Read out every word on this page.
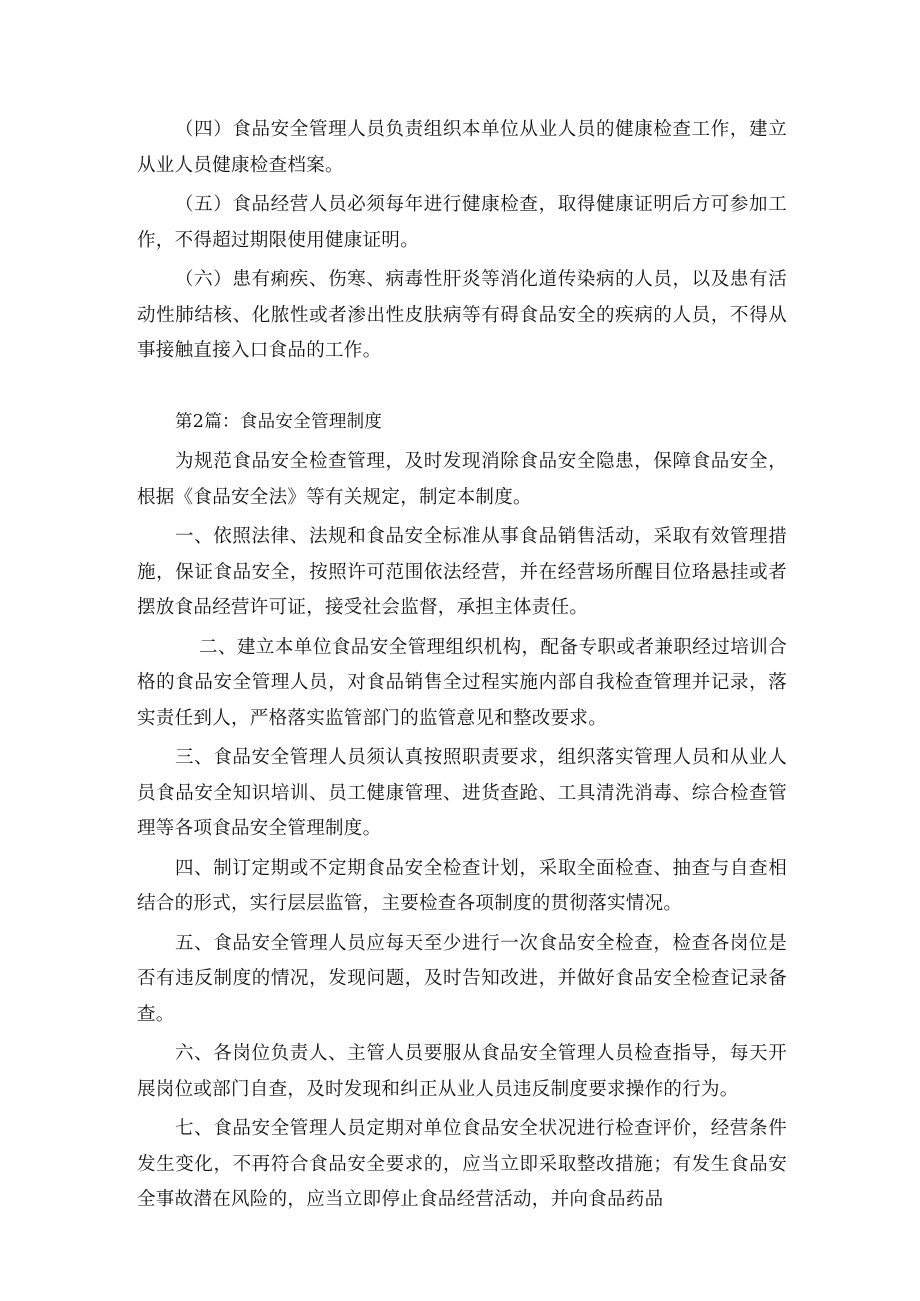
（四）食品安全管理人员负责组织本单位从业人员的健康检查工作，建立从业人员健康检查档案。

（五）食品经营人员必须每年进行健康检查，取得健康证明后方可参加工作，不得超过期限使用健康证明。

（六）患有痢疾、伤寒、病毒性肝炎等消化道传染病的人员，以及患有活动性肺结核、化脓性或者渗出性皮肤病等有碍食品安全的疾病的人员，不得从事接触直接入口食品的工作。

第2篇：食品安全管理制度

为规范食品安全检查管理，及时发现消除食品安全隐患，保障食品安全，根据《食品安全法》等有关规定，制定本制度。

一、依照法律、法规和食品安全标准从事食品销售活动，采取有效管理措施，保证食品安全，按照许可范围依法经营，并在经营场所醒目位珞悬挂或者摆放食品经营许可证，接受社会监督，承担主体责任。

二、建立本单位食品安全管理组织机构，配备专职或者兼职经过培训合格的食品安全管理人员，对食品销售全过程实施内部自我检查管理并记录，落实责任到人，严格落实监管部门的监管意见和整改要求。

三、食品安全管理人员须认真按照职责要求，组织落实管理人员和从业人员食品安全知识培训、员工健康管理、进货查跄、工具清洗消毒、综合检查管理等各项食品安全管理制度。

四、制订定期或不定期食品安全检查计划，采取全面检查、抽查与自查相结合的形式，实行层层监管，主要检查各项制度的贯彻落实情况。

五、食品安全管理人员应每天至少进行一次食品安全检查，检查各岗位是否有违反制度的情况，发现问题，及时告知改进，并做好食品安全检查记录备查。

六、各岗位负责人、主管人员要服从食品安全管理人员检查指导，每天开展岗位或部门自查，及时发现和纠正从业人员违反制度要求操作的行为。

七、食品安全管理人员定期对单位食品安全状况进行检查评价，经营条件发生变化，不再符合食品安全要求的，应当立即采取整改措施；有发生食品安全事故潜在风险的，应当立即停止食品经营活动，并向食品药品
